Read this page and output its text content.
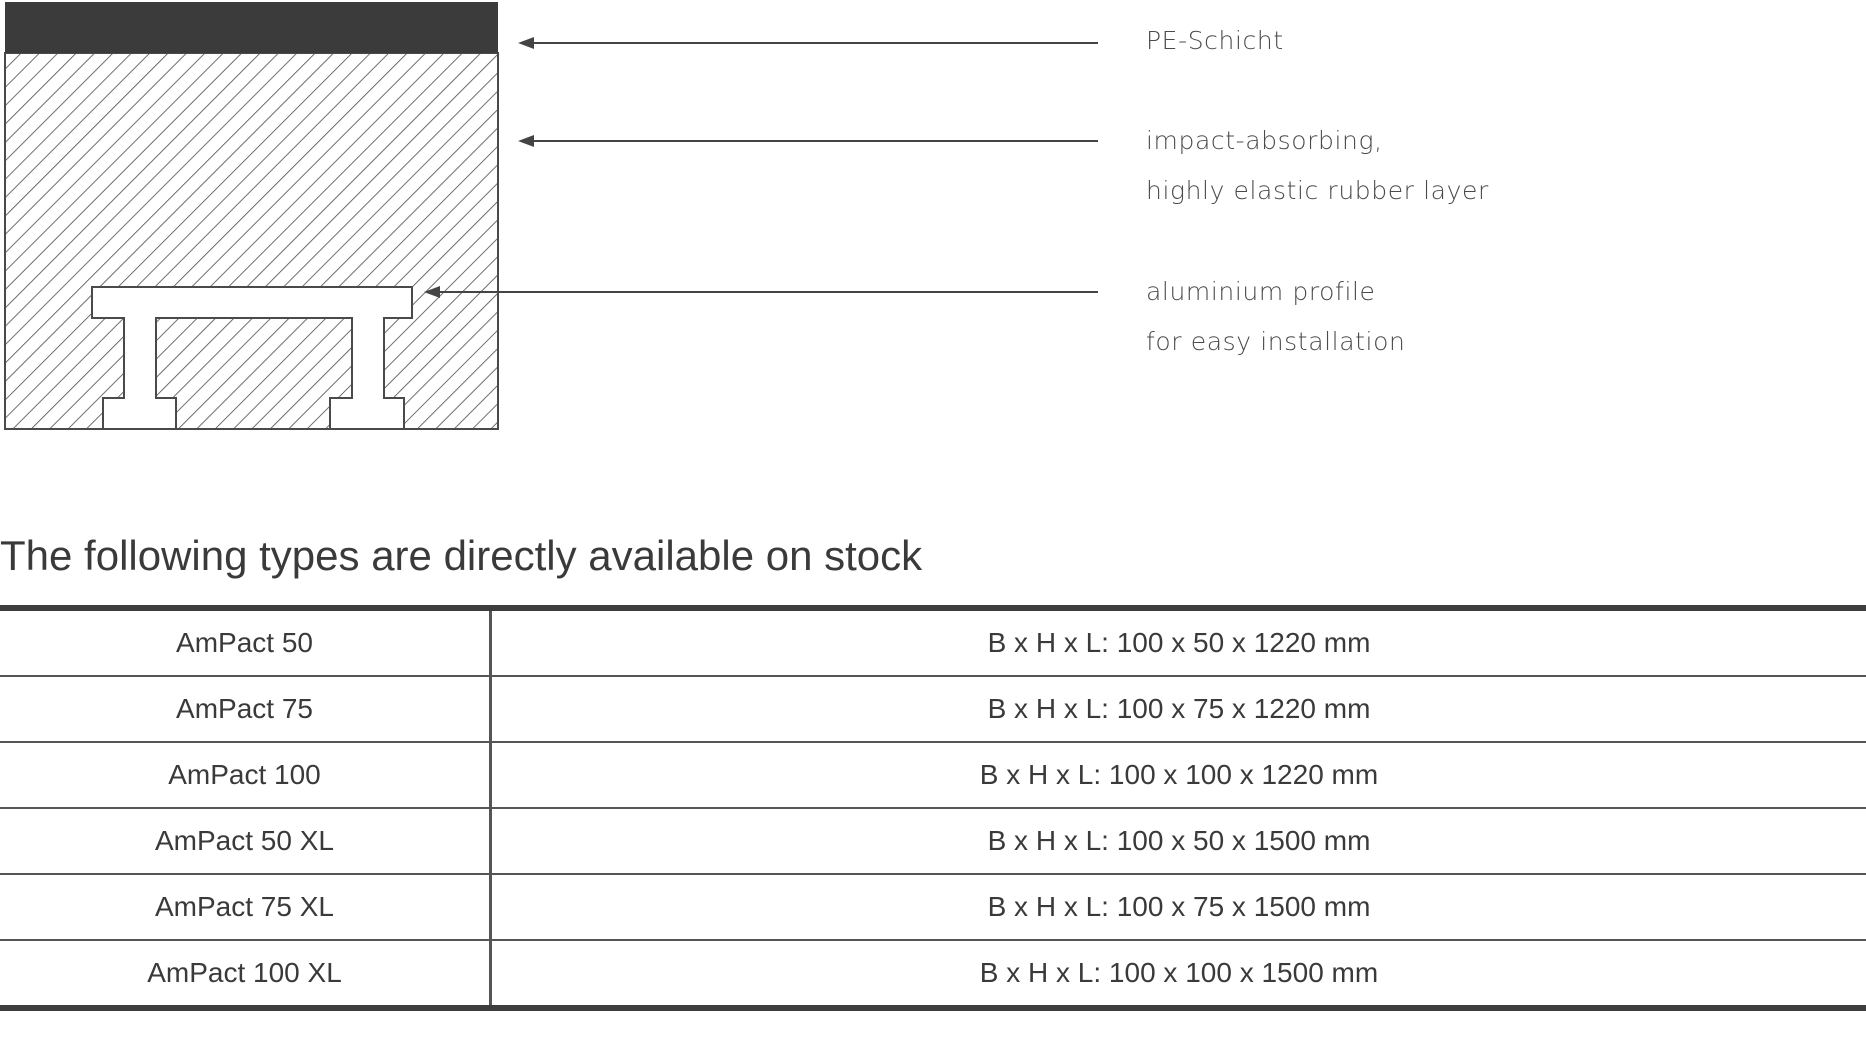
PE-Schicht
impact-absorbing,
highly elastic rubber layer
aluminium profile
for easy installation
The following types are directly available on stock
AmPact 50	B x H x L: 100 x 50 x 1220 mm
AmPact 75	B x H x L: 100 x 75 x 1220 mm
AmPact 100	B x H x L: 100 x 100 x 1220 mm
AmPact 50 XL	B x H x L: 100 x 50 x 1500 mm
AmPact 75 XL	B x H x L: 100 x 75 x 1500 mm
AmPact 100 XL	B x H x L: 100 x 100 x 1500 mm
